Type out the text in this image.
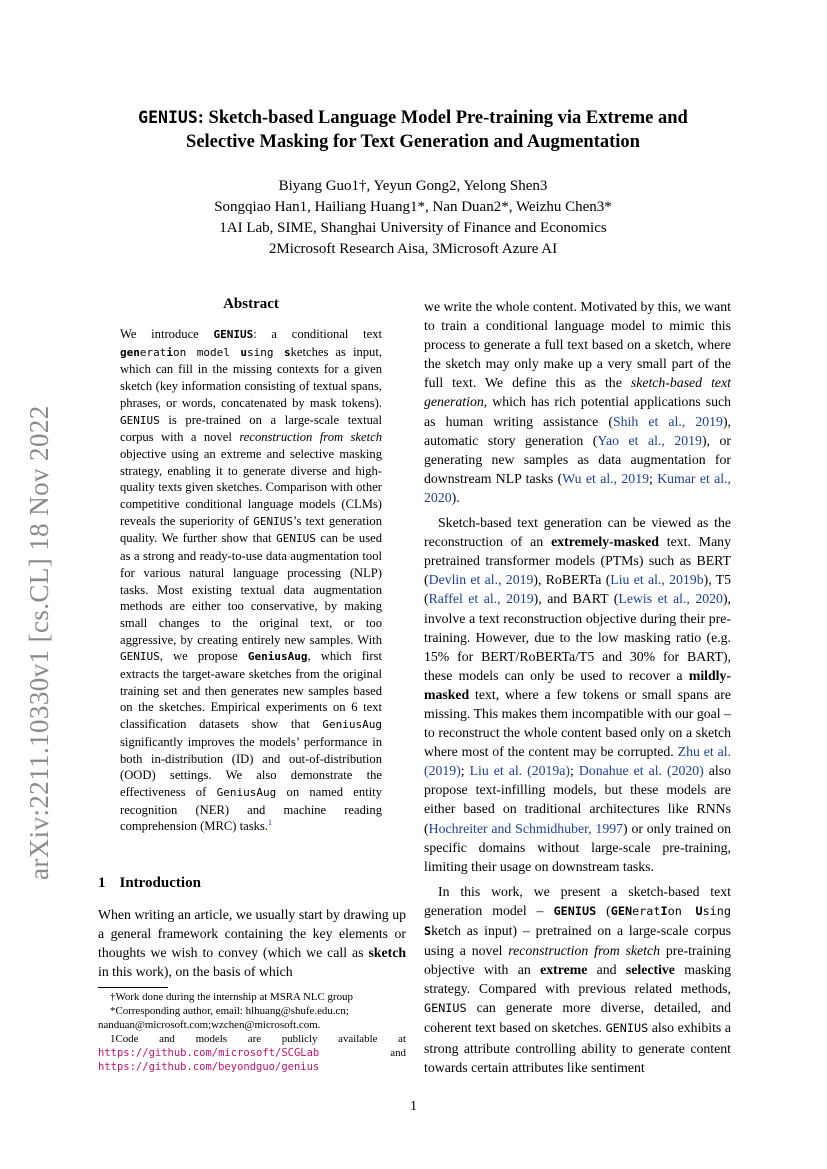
arXiv:2211.10330v1 [cs.CL] 18 Nov 2022
GENIUS: Sketch-based Language Model Pre-training via Extreme and
Selective Masking for Text Generation and Augmentation
Biyang Guo1†, Yeyun Gong2, Yelong Shen3
Songqiao Han1, Hailiang Huang1*, Nan Duan2*, Weizhu Chen3*
1AI Lab, SIME, Shanghai University of Finance and Economics
2Microsoft Research Aisa, 3Microsoft Azure AI
Abstract
We introduce GENIUS: a conditional text generation model using sketches as input, which can fill in the missing contexts for a given sketch (key information consisting of textual spans, phrases, or words, concatenated by mask tokens). GENIUS is pre-trained on a large-scale textual corpus with a novel reconstruction from sketch objective using an extreme and selective masking strategy, enabling it to generate diverse and high-quality texts given sketches. Comparison with other competitive conditional language models (CLMs) reveals the superiority of GENIUS’s text generation quality. We further show that GENIUS can be used as a strong and ready-to-use data augmentation tool for various natural language processing (NLP) tasks. Most existing textual data augmentation methods are either too conservative, by making small changes to the original text, or too aggressive, by creating entirely new samples. With GENIUS, we propose GeniusAug, which first extracts the target-aware sketches from the original training set and then generates new samples based on the sketches. Empirical experiments on 6 text classification datasets show that GeniusAug significantly improves the models’ performance in both in-distribution (ID) and out-of-distribution (OOD) settings. We also demonstrate the effectiveness of GeniusAug on named entity recognition (NER) and machine reading comprehension (MRC) tasks.$^1$
1 Introduction

When writing an article, we usually start by drawing up a general framework containing the key elements or thoughts we wish to convey (which we call as sketch in this work), on the basis of which

†Work done during the internship at MSRA NLC group
*Corresponding author, email: hlhuang@shufe.edu.cn;
nanduan@microsoft.com;wzchen@microsoft.com.
1Code and models are publicly available at https://github.com/microsoft/SCGLab and https://github.com/beyondguo/genius

we write the whole content. Motivated by this, we want to train a conditional language model to mimic this process to generate a full text based on a sketch, where the sketch may only make up a very small part of the full text. We define this as the sketch-based text generation, which has rich potential applications such as human writing assistance (Shih et al., 2019), automatic story generation (Yao et al., 2019), or generating new samples as data augmentation for downstream NLP tasks (Wu et al., 2019; Kumar et al., 2020).

Sketch-based text generation can be viewed as the reconstruction of an extremely-masked text. Many pretrained transformer models (PTMs) such as BERT (Devlin et al., 2019), RoBERTa (Liu et al., 2019b), T5 (Raffel et al., 2019), and BART (Lewis et al., 2020), involve a text reconstruction objective during their pre-training. However, due to the low masking ratio (e.g. 15% for BERT/RoBERTa/T5 and 30% for BART), these models can only be used to recover a mildly-masked text, where a few tokens or small spans are missing. This makes them incompatible with our goal – to reconstruct the whole content based only on a sketch where most of the content may be corrupted. Zhu et al. (2019); Liu et al. (2019a); Donahue et al. (2020) also propose text-infilling models, but these models are either based on traditional architectures like RNNs (Hochreiter and Schmidhuber, 1997) or only trained on specific domains without large-scale pre-training, limiting their usage on downstream tasks.

In this work, we present a sketch-based text generation model – GENIUS (GENeratIon Using Sketch as input) – pretrained on a large-scale corpus using a novel reconstruction from sketch pre-training objective with an extreme and selective masking strategy. Compared with previous related methods, GENIUS can generate more diverse, detailed, and coherent text based on sketches. GENIUS also exhibits a strong attribute controlling ability to generate content towards certain attributes like sentiment

1
